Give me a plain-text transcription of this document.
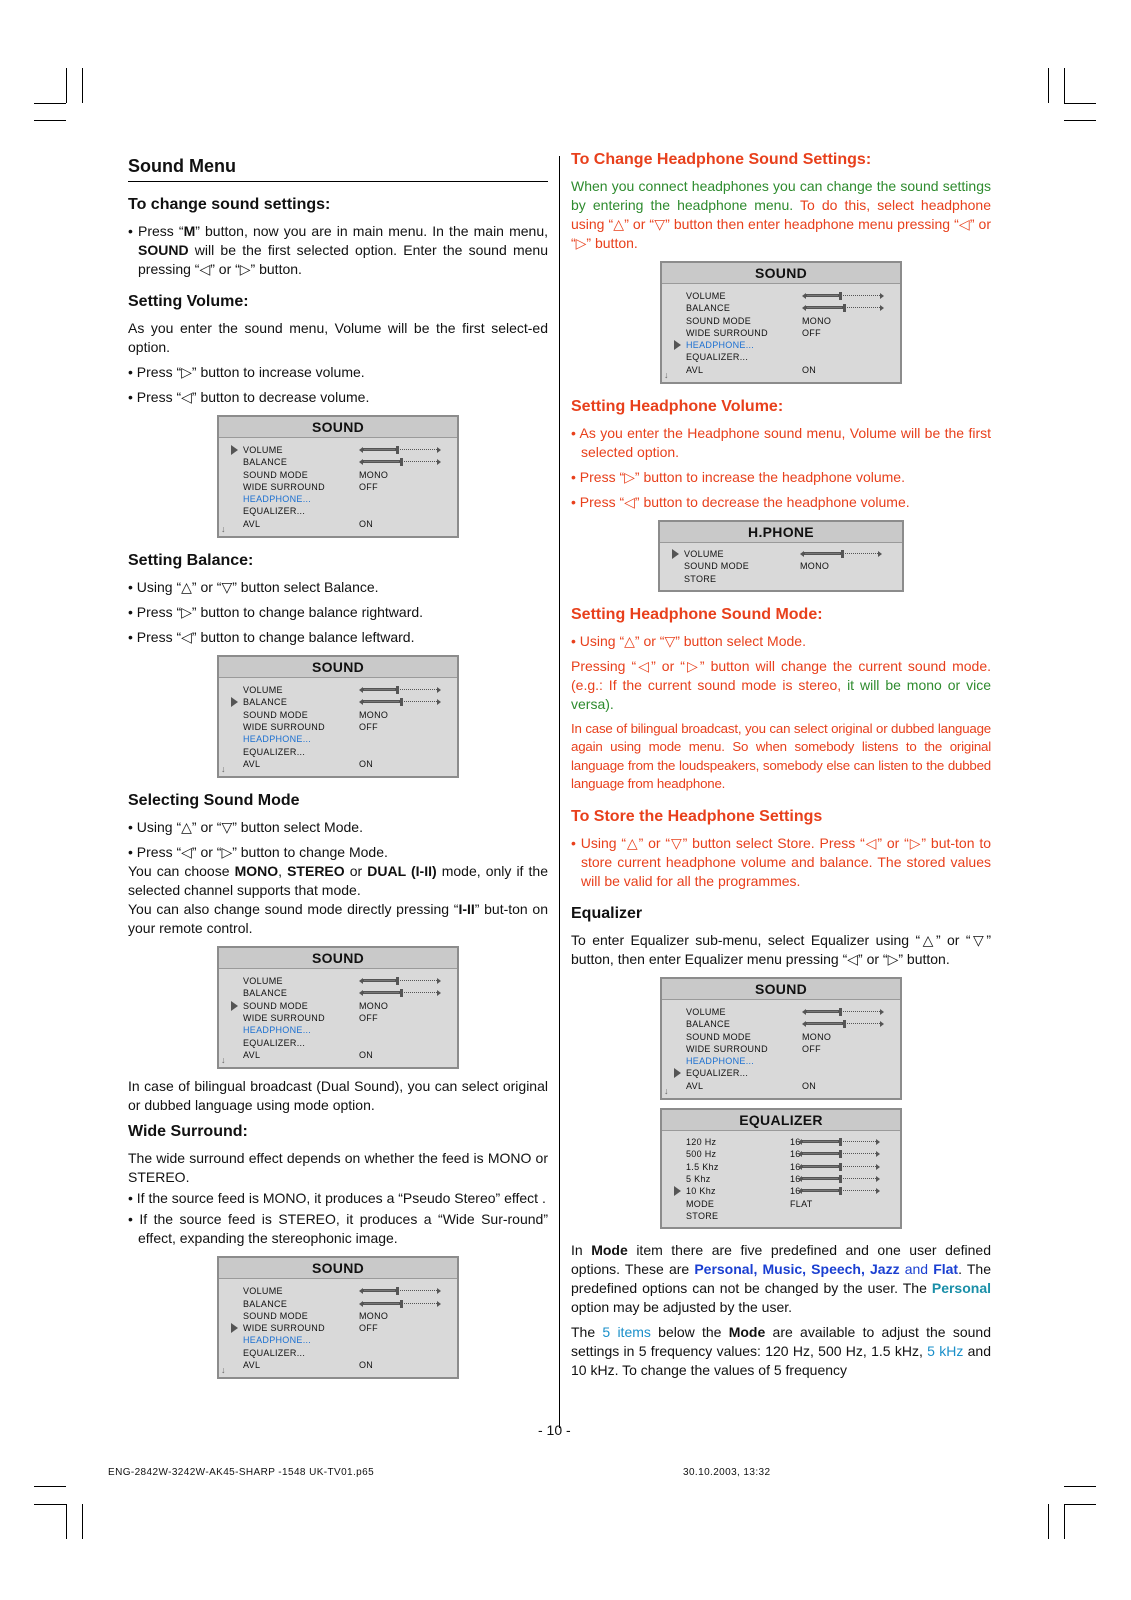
Sound Menu
To change sound settings:

• Press “M” button, now you are in main menu. In the main menu, SOUND will be the first selected option. Enter the sound menu pressing “◁” or “▷” button.

Setting Volume:

As you enter the sound menu, Volume will be the first select-ed option.

• Press “▷” button to increase volume.

• Press “◁” button to decrease volume.

SOUND
VOLUME
BALANCE
SOUND MODE	MONO
WIDE SURROUND	OFF
HEADPHONE...
EQUALIZER...
AVL	ON
↓
Setting Balance:

• Using “△” or “▽” button select Balance.

• Press “▷” button to change balance rightward.

• Press “◁” button to change balance leftward.

SOUND
VOLUME
BALANCE
SOUND MODE	MONO
WIDE SURROUND	OFF
HEADPHONE...
EQUALIZER...
AVL	ON
↓
Selecting Sound Mode

• Using “△” or “▽” button select Mode.

• Press “◁” or “▷” button to change Mode.

You can choose MONO, STEREO or DUAL (I-II) mode, only if the selected channel supports that mode.

You can also change sound mode directly pressing “I-II” but-ton on your remote control.

SOUND
VOLUME
BALANCE
SOUND MODE	MONO
WIDE SURROUND	OFF
HEADPHONE...
EQUALIZER...
AVL	ON
↓

In case of bilingual broadcast (Dual Sound), you can select original or dubbed language using mode option.

Wide Surround:

The wide surround effect depends on whether the feed is MONO or STEREO.

• If the source feed is MONO, it produces a “Pseudo Stereo” effect .

• If the source feed is STEREO, it produces a “Wide Sur-round” effect, expanding the stereophonic image.

SOUND
VOLUME
BALANCE
SOUND MODE	MONO
WIDE SURROUND	OFF
HEADPHONE...
EQUALIZER...
AVL	ON
↓
To Change Headphone Sound Settings:

When you connect headphones you can change the sound settings by entering the headphone menu. To do this, select headphone using “△” or “▽” button then enter headphone menu pressing “◁” or “▷” button.

SOUND
VOLUME
BALANCE
SOUND MODE	MONO
WIDE SURROUND	OFF
HEADPHONE...
EQUALIZER...
AVL	ON
↓
Setting Headphone Volume:

• As you enter the Headphone sound menu, Volume will be the first selected option.

• Press “▷” button to increase the headphone volume.

• Press “◁” button to decrease the headphone volume.

H.PHONE
VOLUME
SOUND MODE	MONO
STORE
Setting Headphone Sound Mode:

• Using “△” or “▽” button select Mode.

Pressing “◁” or “▷” button will change the current sound mode. (e.g.: If the current sound mode is stereo, it will be mono or vice versa).

In case of bilingual broadcast, you can select original or dubbed language again using mode menu. So when somebody listens to the original language from the loudspeakers, somebody else can listen to the dubbed language from headphone.

To Store the Headphone Settings

• Using “△” or “▽” button select Store. Press “◁” or “▷” but-ton to store current headphone volume and balance. The stored values will be valid for all the programmes.

Equalizer

To enter Equalizer sub-menu, select Equalizer using “△” or “▽” button, then enter Equalizer menu pressing “◁” or “▷” button.

SOUND
VOLUME
BALANCE
SOUND MODE	MONO
WIDE SURROUND	OFF
HEADPHONE...
EQUALIZER...
AVL	ON
↓
EQUALIZER
120 Hz	16
500 Hz	16
1.5 Khz	16
5 Khz	16
10 Khz	16
MODE	FLAT
STORE

In Mode item there are five predefined and one user defined options. These are Personal, Music, Speech, Jazz and Flat. The predefined options can not be changed by the user. The Personal option may be adjusted by the user.

The 5 items below the Mode are available to adjust the sound settings in 5 frequency values: 120 Hz, 500 Hz, 1.5 kHz, 5 kHz and 10 kHz. To change the values of 5 frequency

- 10 -
ENG-2842W-3242W-AK45-SHARP -1548 UK-TV01.p65	30.10.2003, 13:32
